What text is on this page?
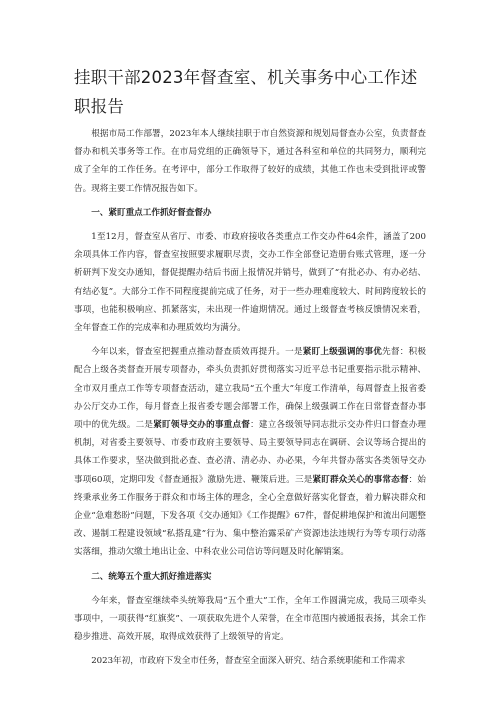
挂职干部2023年督查室、机关事务中心工作述职报告

根据市局工作部署，2023年本人继续挂职于市自然资源和规划局督查办公室，负责督查督办和机关事务等工作。在市局党组的正确领导下，通过各科室和单位的共同努力，顺利完成了全年的工作任务。在考评中，部分工作取得了较好的成绩，其他工作也未受到批评或警告。现将主要工作情况报告如下。

一、紧盯重点工作抓好督查督办

1至12月，督查室从省厅、市委、市政府接收各类重点工作交办件64余件，涵盖了200余项具体工作内容，督查室按照要求履职尽责，交办工作全部登记造册台账式管理，逐一分析研判下发交办通知，督促提醒办结后书面上报情况并销号，做到了“有批必办、有办必结、有结必复”。大部分工作不同程度提前完成了任务，对于一些办理难度较大、时间跨度较长的事项，也能积极响应、抓紧落实，未出现一件逾期情况。通过上级督查考核反馈情况来看，全年督查工作的完成率和办理质效均为满分。

今年以来，督查室把握重点推动督查质效再提升。一是紧盯上级强调的事优先督：积极配合上级各类督查开展专项督办，牵头负责抓好贯彻落实习近平总书记重要指示批示精神、全市双月重点工作等专项督查活动，建立我局“五个重大”年度工作清单，每周督查上报省委办公厅交办工作，每月督查上报省委专题会部署工作，确保上级强调工作在日常督查督办事项中的优先级。二是紧盯领导交办的事重点督：建立各级领导同志批示交办件归口督查办理机制，对省委主要领导、市委市政府主要领导、局主要领导同志在调研、会议等场合提出的具体工作要求，坚决做到批必查、查必清、清必办、办必果，今年共督办落实各类领导交办事项60项，定期印发《督查通报》激励先进、鞭策后进。三是紧盯群众关心的事常态督：始终秉承业务工作服务于群众和市场主体的理念，全心全意做好落实化督查，着力解决群众和企业“急难愁盼”问题，下发各项《交办通知》《工作提醒》67件，督促耕地保护和流出问题整改、遏制工程建设领域“私搭乱建”行为、集中整治露采矿产资源违法违规行为等专项行动落实落细，推动欠缴土地出让金、中科农业公司信访等问题及时化解销案。

二、统筹五个重大抓好推进落实

今年来，督查室继续牵头统筹我局“五个重大”工作，全年工作圆满完成，我局三项牵头事项中，一项获得“红旗奖”、一项获取先进个人荣誉，在全市范围内被通报表扬，其余工作稳步推进、高效开展，取得成效获得了上级领导的肯定。

2023年初，市政府下发全市任务，督查室全面深入研究、结合系统职能和工作需求
